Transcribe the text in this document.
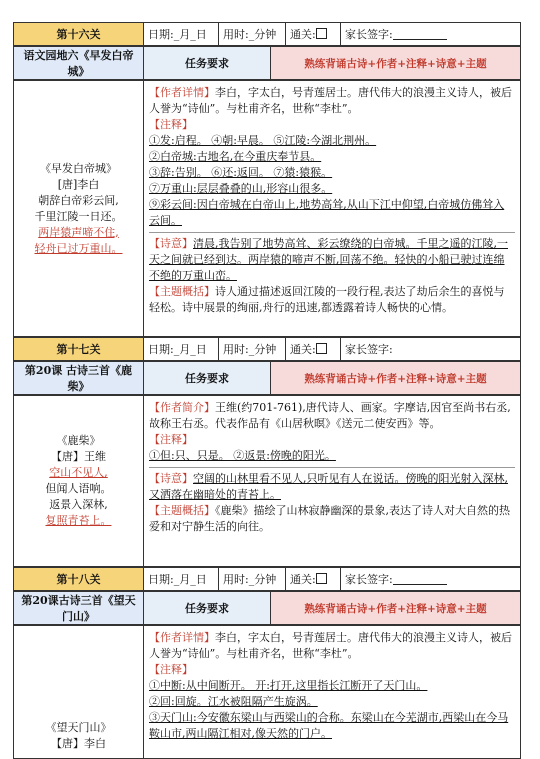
第十六关	日期:_月_日	用时:_分钟	通关:	家长签字:
语文园地六《早发白帝城》	任务要求	熟练背诵古诗+作者+注释+诗意+主题
《早发白帝城》
[唐]李白
朝辞白帝彩云间,
千里江陵一日还。
两岸猿声啼不住,
轻舟已过万重山。

【作者详情】李白，字太白，号青莲居士。唐代伟大的浪漫主义诗人，被后人誉为“诗仙”。与杜甫齐名，世称“李杜”。
【注释】
①发:启程。 ④朝:早晨。 ⑤江陵:今湖北荆州。
②白帝城:古地名,在今重庆奉节县。
③辞:告别。 ⑥还:返回。 ⑦猿:猿猴。
⑦万重山:层层叠叠的山,形容山很多。
⑨彩云间:因白帝城在白帝山上,地势高耸,从山下江中仰望,白帝城仿佛耸入云间。
【诗意】清晨,我告别了地势高耸、彩云缭绕的白帝城。千里之遥的江陵,一天之间就已经到达。两岸猿的啼声不断,回荡不绝。轻快的小船已驶过连绵不绝的万重山峦。
【主题概括】诗人通过描述返回江陵的一段行程,表达了劫后余生的喜悦与轻松。诗中展景的绚丽,舟行的迅速,都透露着诗人畅快的心情。
第十七关	日期:_月_日	用时:_分钟	通关:	家长签字:
第20课 古诗三首《鹿柴》	任务要求	熟练背诵古诗+作者+注释+诗意+主题
《鹿柴》
【唐】王维
空山不见人,
但闻人语响。
返景入深林,
复照青苔上。

【作者简介】王维(约701-761),唐代诗人、画家。字摩诘,因官至尚书右丞,故称王右丞。代表作品有《山居秋暝》《送元二使安西》等。
【注释】
①但:只、只是。 ②返景:傍晚的阳光。
【诗意】空阔的山林里看不见人,只听见有人在说话。傍晚的阳光射入深林,又洒落在幽暗处的青苔上。
【主题概括】《鹿柴》描绘了山林寂静幽深的景象,表达了诗人对大自然的热爱和对宁静生活的向往。
第十八关	日期:_月_日	用时:_分钟	通关:	家长签字:
第20课古诗三首《望天门山》	任务要求	熟练背诵古诗+作者+注释+诗意+主题
《望天门山》
【唐】李白

【作者详情】李白，字太白，号青莲居士。唐代伟大的浪漫主义诗人，被后人誉为“诗仙”。与杜甫齐名，世称“李杜”。
【注释】
①中断:从中间断开。 开:打开,这里指长江断开了天门山。
②回:回旋。江水被阻隔产生旋涡。
③天门山:今安徽东梁山与西梁山的合称。东梁山在今芜湖市,西梁山在今马鞍山市,两山隔江相对,像天然的门户。
